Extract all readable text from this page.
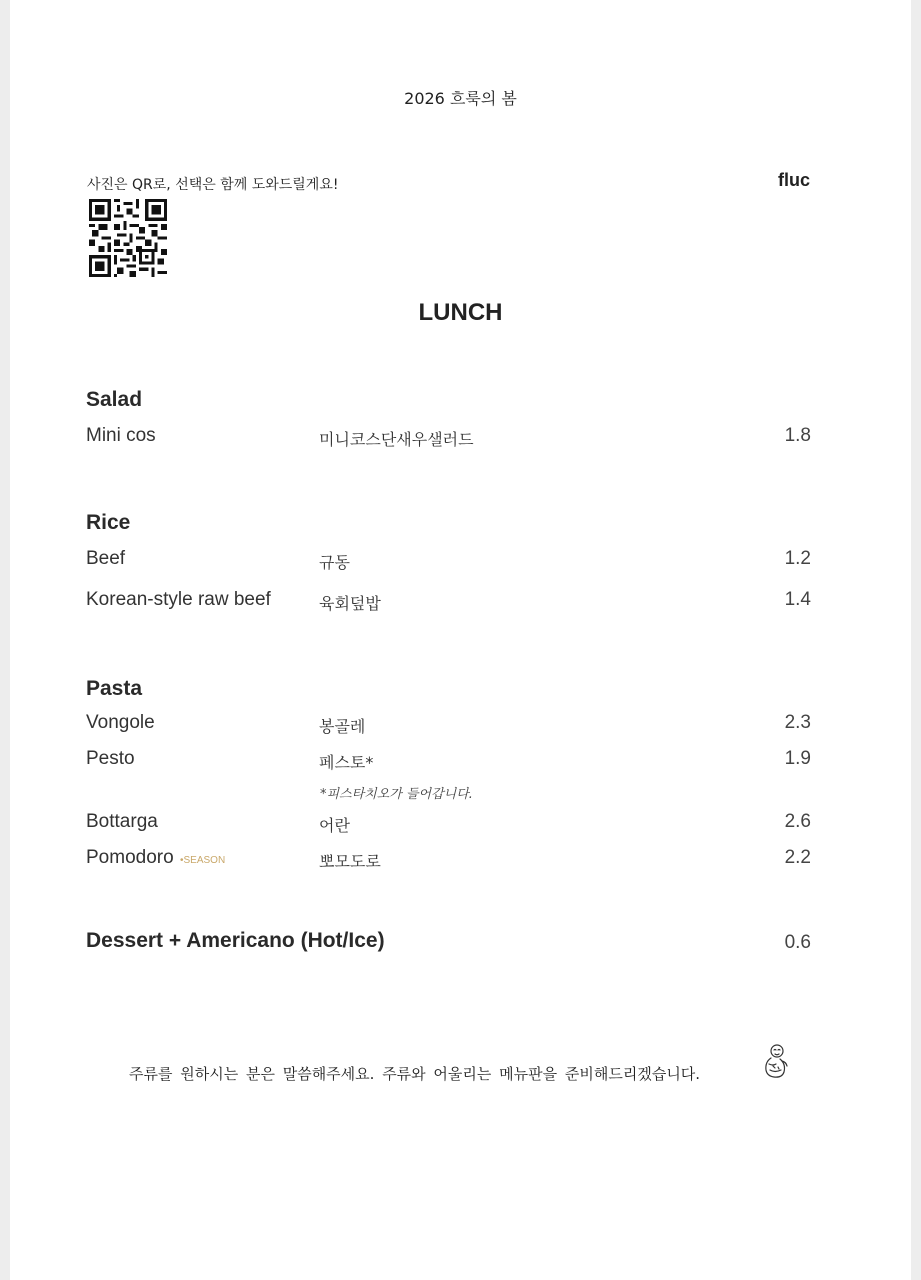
2026 흐룩의 봄
사진은 QR로, 선택은 함께 도와드릴게요!	fluc
LUNCH
Salad
Mini cos	미니코스단새우샐러드	1.8
Rice
Beef	규동	1.2
Korean-style raw beef	육회덮밥	1.4
Pasta
Vongole	봉골레	2.3
Pesto	페스토*	1.9
*피스타치오가 들어갑니다.
Bottarga	어란	2.6
Pomodoro •SEASON	뽀모도로	2.2
Dessert + Americano (Hot/Ice)	0.6
주류를 원하시는 분은 말씀해주세요. 주류와 어울리는 메뉴판을 준비해드리겠습니다.
